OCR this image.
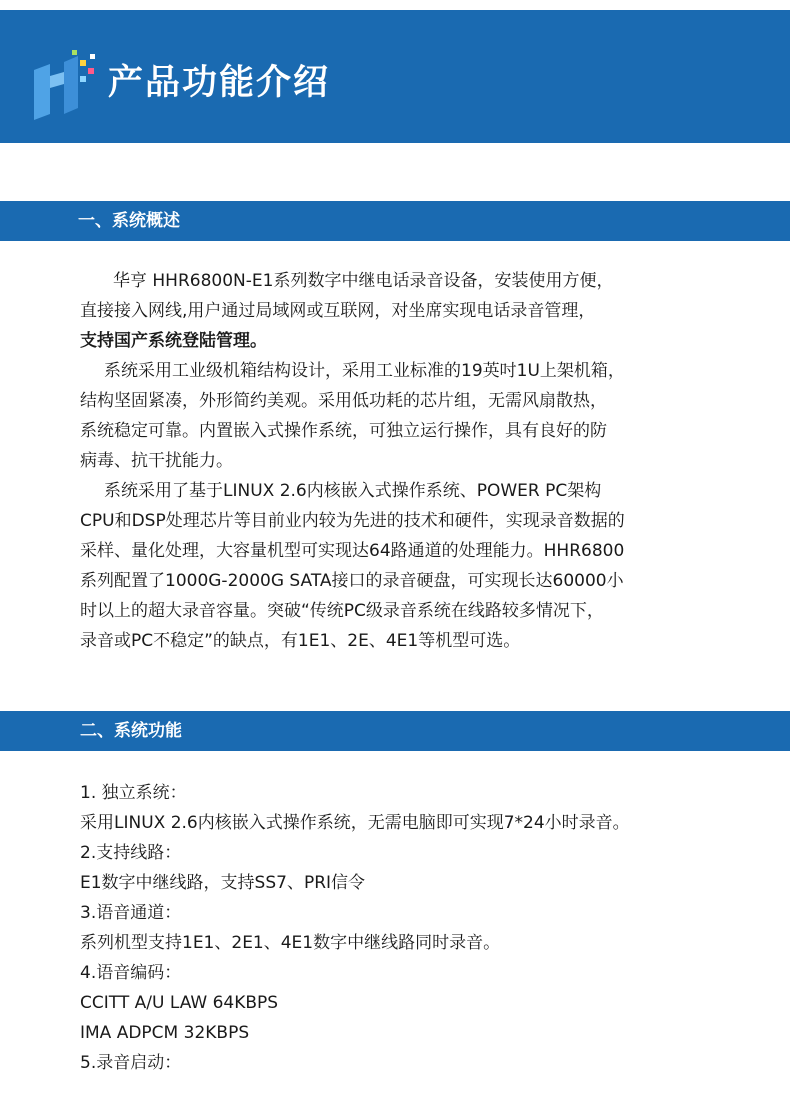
产品功能介绍
一、系统概述
华亨 HHR6800N-E1系列数字中继电话录音设备，安装使用方便，
直接接入网线,用户通过局域网或互联网，对坐席实现电话录音管理，
支持国产系统登陆管理。
系统采用工业级机箱结构设计，采用工业标准的19英吋1U上架机箱，
结构坚固紧凑，外形简约美观。采用低功耗的芯片组，无需风扇散热，
系统稳定可靠。内置嵌入式操作系统，可独立运行操作，具有良好的防
病毒、抗干扰能力。
系统采用了基于LINUX 2.6内核嵌入式操作系统、POWER PC架构
CPU和DSP处理芯片等目前业内较为先进的技术和硬件，实现录音数据的
采样、量化处理，大容量机型可实现达64路通道的处理能力。HHR6800
系列配置了1000G-2000G SATA接口的录音硬盘，可实现长达60000小
时以上的超大录音容量。突破“传统PC级录音系统在线路较多情况下，
录音或PC不稳定”的缺点，有1E1、2E、4E1等机型可选。
二、系统功能
1. 独立系统：
采用LINUX 2.6内核嵌入式操作系统，无需电脑即可实现7*24小时录音。
2.支持线路：
E1数字中继线路，支持SS7、PRI信令
3.语音通道：
系列机型支持1E1、2E1、4E1数字中继线路同时录音。
4.语音编码：
CCITT A/U LAW 64KBPS
IMA ADPCM 32KBPS
5.录音启动：
